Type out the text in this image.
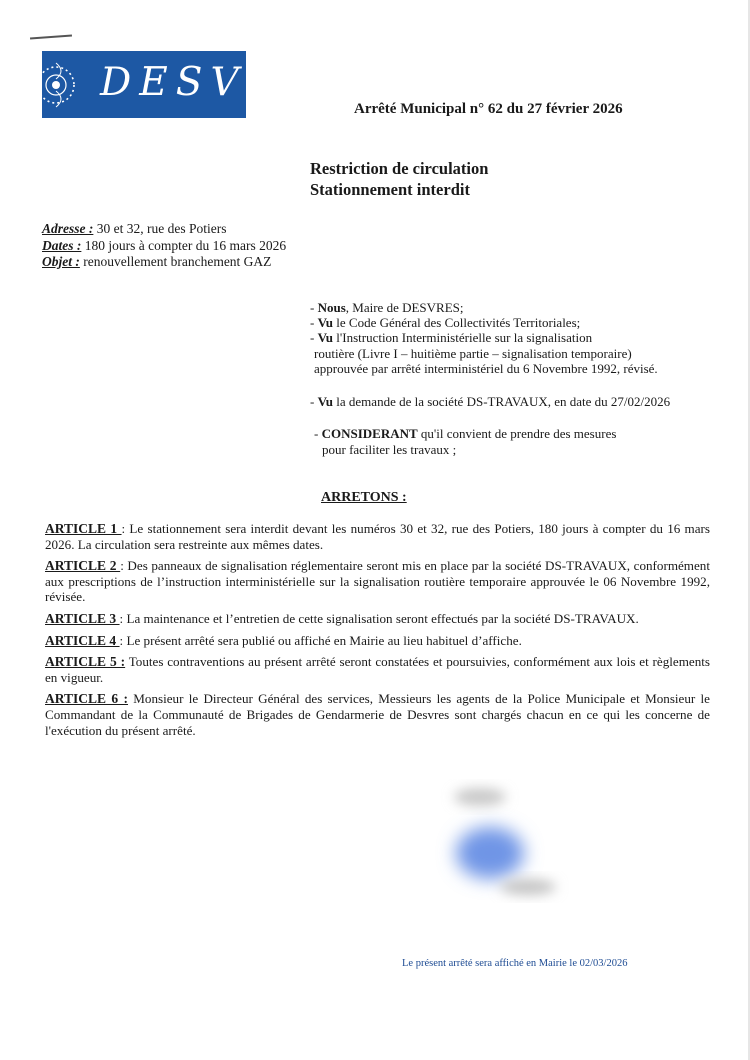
DESVRES
Arrêté Municipal n° 62 du 27 février 2026
Restriction de circulation
Stationnement interdit
Adresse : 30 et 32, rue des Potiers
Dates : 180 jours à compter du 16 mars 2026
Objet : renouvellement branchement GAZ
- Nous, Maire de DESVRES;
- Vu le Code Général des Collectivités Territoriales;
- Vu l'Instruction Interministérielle sur la signalisation
routière (Livre I – huitième partie – signalisation temporaire)
approuvée par arrêté interministériel du 6 Novembre 1992, révisé.
- Vu la demande de la société DS-TRAVAUX, en date du 27/02/2026
- CONSIDERANT qu'il convient de prendre des mesures
pour faciliter les travaux ;
ARRETONS :
ARTICLE 1 : Le stationnement sera interdit devant les numéros 30 et 32, rue des Potiers, 180 jours à compter du 16 mars 2026. La circulation sera restreinte aux mêmes dates.
ARTICLE 2 : Des panneaux de signalisation réglementaire seront mis en place par la société DS-TRAVAUX, conformément aux prescriptions de l’instruction interministérielle sur la signalisation routière temporaire approuvée le 06 Novembre 1992, révisée.
ARTICLE 3 : La maintenance et l’entretien de cette signalisation seront effectués par la société DS-TRAVAUX.
ARTICLE 4 : Le présent arrêté sera publié ou affiché en Mairie au lieu habituel d’affiche.
ARTICLE 5 : Toutes contraventions au présent arrêté seront constatées et poursuivies, conformément aux lois et règlements en vigueur.
ARTICLE 6 : Monsieur le Directeur Général des services, Messieurs les agents de la Police Municipale et Monsieur le Commandant de la Communauté de Brigades de Gendarmerie de Desvres sont chargés chacun en ce qui les concerne de l'exécution du présent arrêté.
Le présent arrêté sera affiché en Mairie le 02/03/2026
